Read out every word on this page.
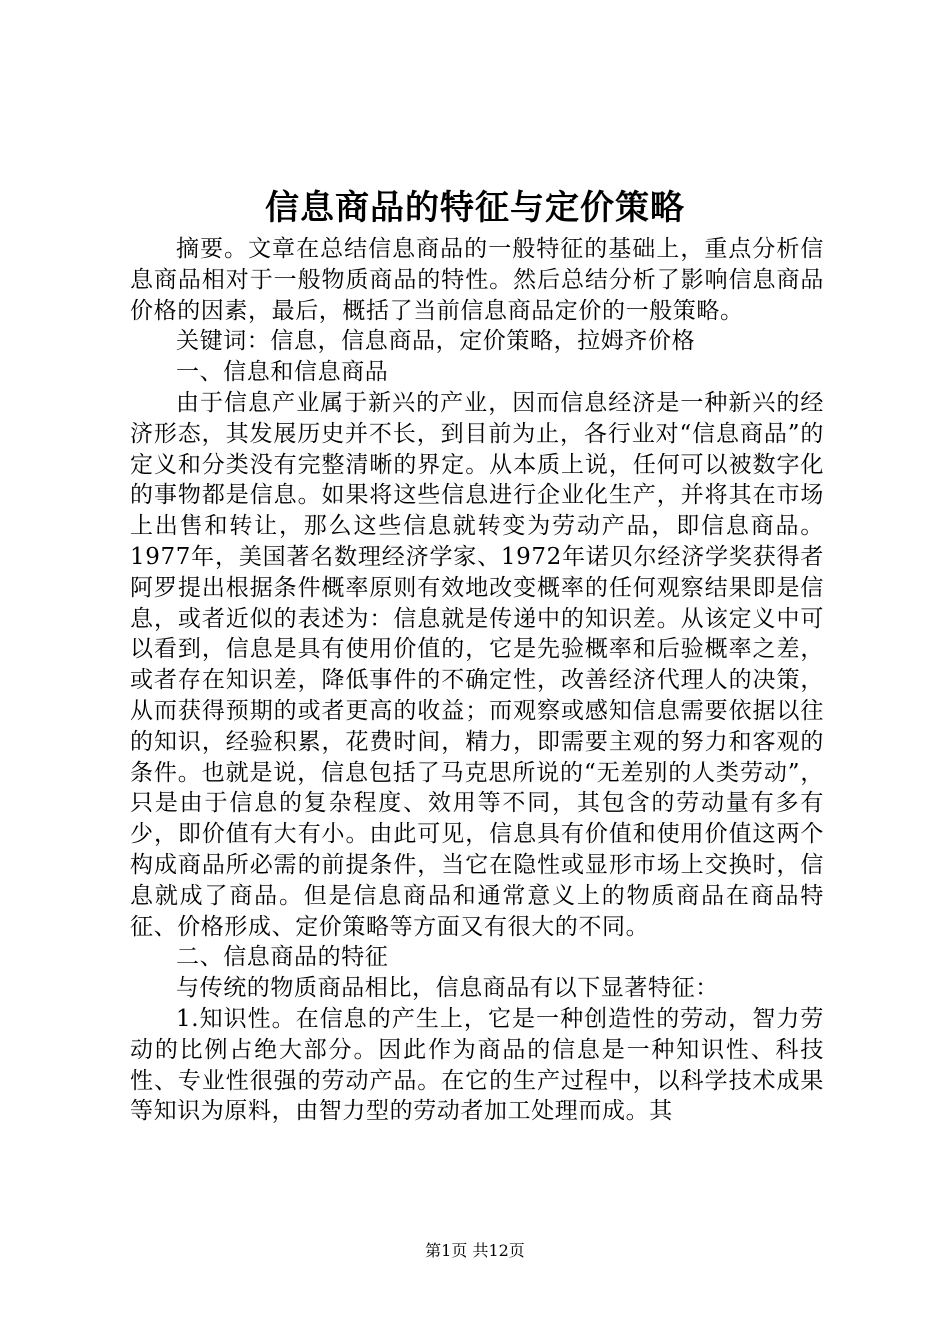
信息商品的特征与定价策略

摘要。文章在总结信息商品的一般特征的基础上，重点分析信息商品相对于一般物质商品的特性。然后总结分析了影响信息商品价格的因素，最后，概括了当前信息商品定价的一般策略。

关键词：信息，信息商品，定价策略，拉姆齐价格

一、信息和信息商品

由于信息产业属于新兴的产业，因而信息经济是一种新兴的经济形态，其发展历史并不长，到目前为止，各行业对“信息商品”的定义和分类没有完整清晰的界定。从本质上说，任何可以被数字化的事物都是信息。如果将这些信息进行企业化生产，并将其在市场上出售和转让，那么这些信息就转变为劳动产品，即信息商品。1977年，美国著名数理经济学家、1972年诺贝尔经济学奖获得者阿罗提出根据条件概率原则有效地改变概率的任何观察结果即是信息，或者近似的表述为：信息就是传递中的知识差。从该定义中可以看到，信息是具有使用价值的，它是先验概率和后验概率之差，或者存在知识差，降低事件的不确定性，改善经济代理人的决策，从而获得预期的或者更高的收益；而观察或感知信息需要依据以往的知识，经验积累，花费时间，精力，即需要主观的努力和客观的条件。也就是说，信息包括了马克思所说的“无差别的人类劳动”，只是由于信息的复杂程度、效用等不同，其包含的劳动量有多有少，即价值有大有小。由此可见，信息具有价值和使用价值这两个构成商品所必需的前提条件，当它在隐性或显形市场上交换时，信息就成了商品。但是信息商品和通常意义上的物质商品在商品特征、价格形成、定价策略等方面又有很大的不同。

二、信息商品的特征

与传统的物质商品相比，信息商品有以下显著特征：

1.知识性。在信息的产生上，它是一种创造性的劳动，智力劳动的比例占绝大部分。因此作为商品的信息是一种知识性、科技性、专业性很强的劳动产品。在它的生产过程中，以科学技术成果等知识为原料，由智力型的劳动者加工处理而成。其

第1页 共12页
